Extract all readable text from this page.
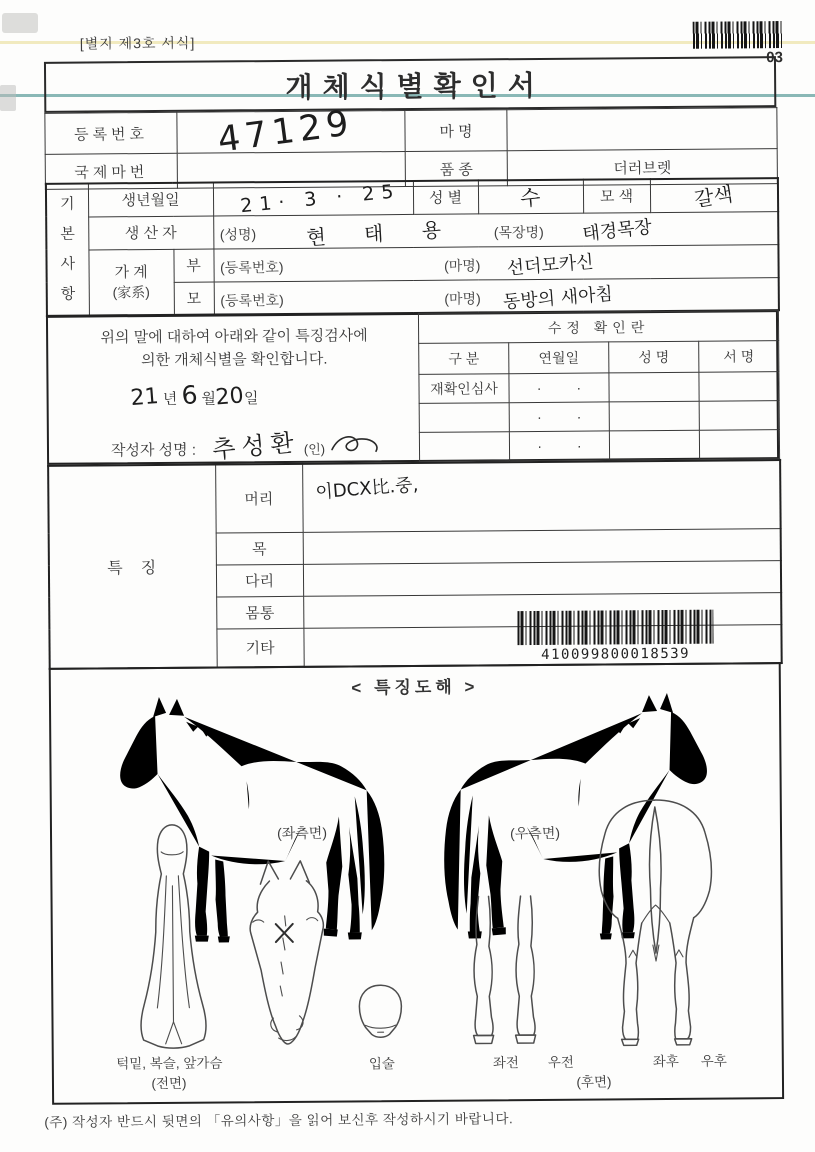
[별지 제3호 서식]
03
개체식별확인서
등록번호	47129	마 명	
국제마번		품 종	더러브렛
기
본
사
항	생년월일		21· 3 · 25	성 별	수	모 색	갈색
	생 산 자		(성명) 현 태 용 (목장명) 태경목장				

가 계
(家系)
	부	(등록번호)	(마명) 선더모카신

		모	(등록번호) (마명) 동방의 새아침				
위의 말에 대하여 아래와 같이 특징검사에
의한 개체식별을 확인합니다.
21 년 6 월20일
작성자 성명 : 추성환 (인)
수정 확인란			
구 분	연월일	성 명	서 명
재확인심사	·         ·		
	·         ·		
	·         ·		
특징	머리	이DCX比.중,
	목	
	다리	
	몸통	
	기타		410099800018539
< 특징도해 >
(좌측면)	(우측면)
턱밑, 복슬, 앞가슴
(전면)
입술	좌전	우전
(후면)
좌후	우후
(주) 작성자 반드시 뒷면의 「유의사항」을 읽어 보신후 작성하시기 바랍니다.
